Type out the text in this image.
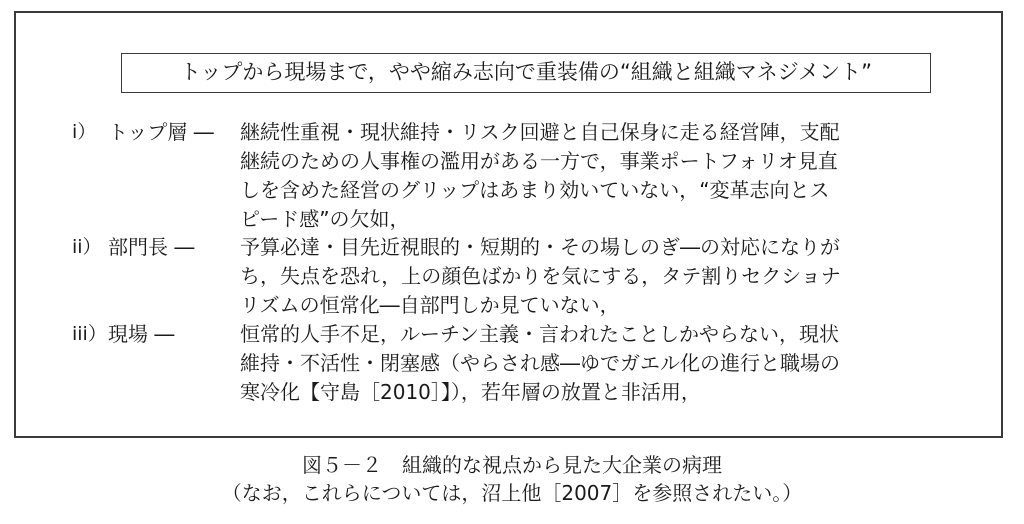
トップから現場まで，やや縮み志向で重装備の“組織と組織マネジメント”
i） トップ層 ― 継続性重視・現状維持・リスク回避と自己保身に走る経営陣，支配
継続のための人事権の濫用がある一方で，事業ポートフォリオ見直
しを含めた経営のグリップはあまり効いていない，“変革志向とス
ピード感”の欠如，
ii） 部門長 ― 予算必達・目先近視眼的・短期的・その場しのぎ―の対応になりが
ち，失点を恐れ，上の顔色ばかりを気にする，タテ割りセクショナ
リズムの恒常化―自部門しか見ていない，
iii） 現場 ―	恒常的人手不足，ルーチン主義・言われたことしかやらない，現状
維持・不活性・閉塞感（やらされ感―ゆでガエル化の進行と職場の
寒冷化【守島［2010］】），若年層の放置と非活用，
図５－２　組織的な視点から見た大企業の病理
（なお，これらについては，沼上他［2007］を参照されたい。）
